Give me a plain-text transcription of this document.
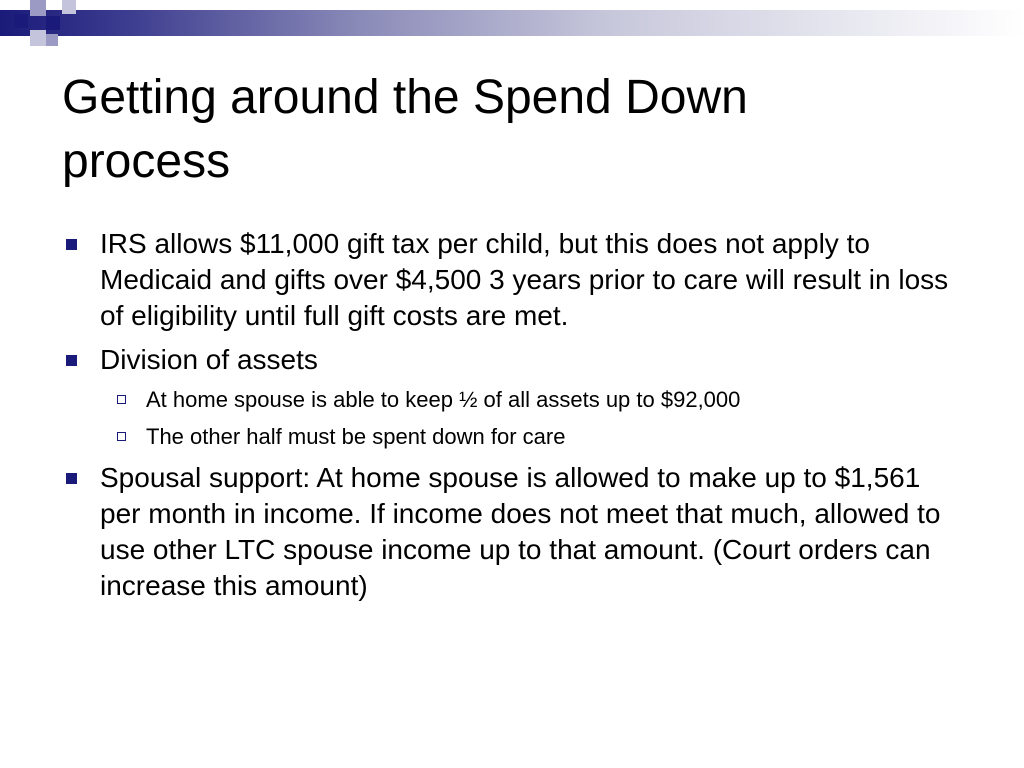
Getting around the Spend Down
process
IRS allows $11,000 gift tax per child, but this does not apply to Medicaid and gifts over $4,500 3 years prior to care will result in loss of eligibility until full gift costs are met.
Division of assets
At home spouse is able to keep ½ of all assets up to $92,000
The other half must be spent down for care
Spousal support: At home spouse is allowed to make up to $1,561 per month in income. If income does not meet that much, allowed to use other LTC spouse income up to that amount. (Court orders can increase this amount)
